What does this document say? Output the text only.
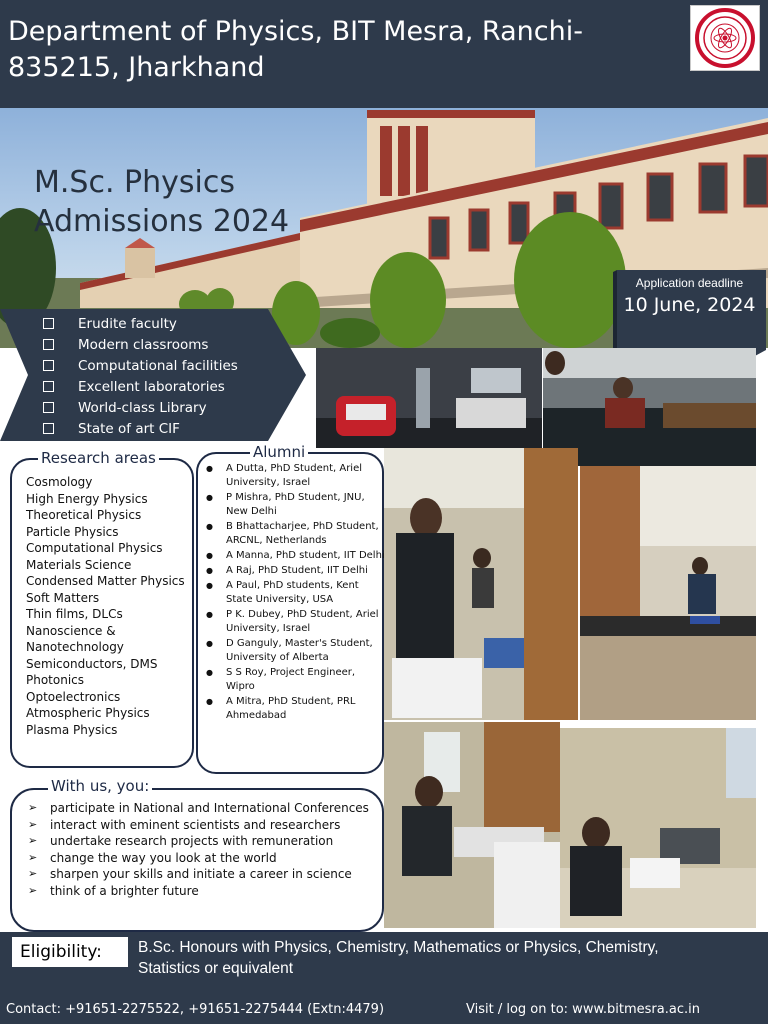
Department of Physics, BIT Mesra, Ranchi-835215, Jharkhand
M.Sc. Physics
Admissions 2024
Application deadline
10 June, 2024
Erudite faculty
Modern classrooms
Computational facilities
Excellent laboratories
World-class Library
State of art CIF
Research areas
Cosmology
High Energy Physics
Theoretical Physics
Particle Physics
Computational Physics
Materials Science
Condensed Matter Physics
Soft Matters
Thin films, DLCs
Nanoscience &
Nanotechnology
Semiconductors, DMS
Photonics
Optoelectronics
Atmospheric Physics
Plasma Physics
Alumni
● A Dutta, PhD Student, Ariel University, Israel
● P Mishra, PhD Student, JNU, New Delhi
● B Bhattacharjee, PhD Student, ARCNL, Netherlands
● A Manna, PhD student, IIT Delhi
● A Raj, PhD Student, IIT Delhi
● A Paul, PhD students, Kent State University, USA
● P K. Dubey, PhD Student, Ariel University, Israel
● D Ganguly, Master's Student, University of Alberta
● S S Roy, Project Engineer, Wipro
● A Mitra, PhD Student, PRL Ahmedabad
With us, you:
➢ participate in National and International Conferences
➢ interact with eminent scientists and researchers
➢ undertake research projects with remuneration
➢ change the way you look at the world
➢ sharpen your skills and initiate a career in science
➢ think of a brighter future
Eligibility: B.Sc. Honours with Physics, Chemistry, Mathematics or Physics, Chemistry, Statistics or equivalent
Contact: +91651-2275522, +91651-2275444 (Extn:4479)	Visit / log on to: www.bitmesra.ac.in
